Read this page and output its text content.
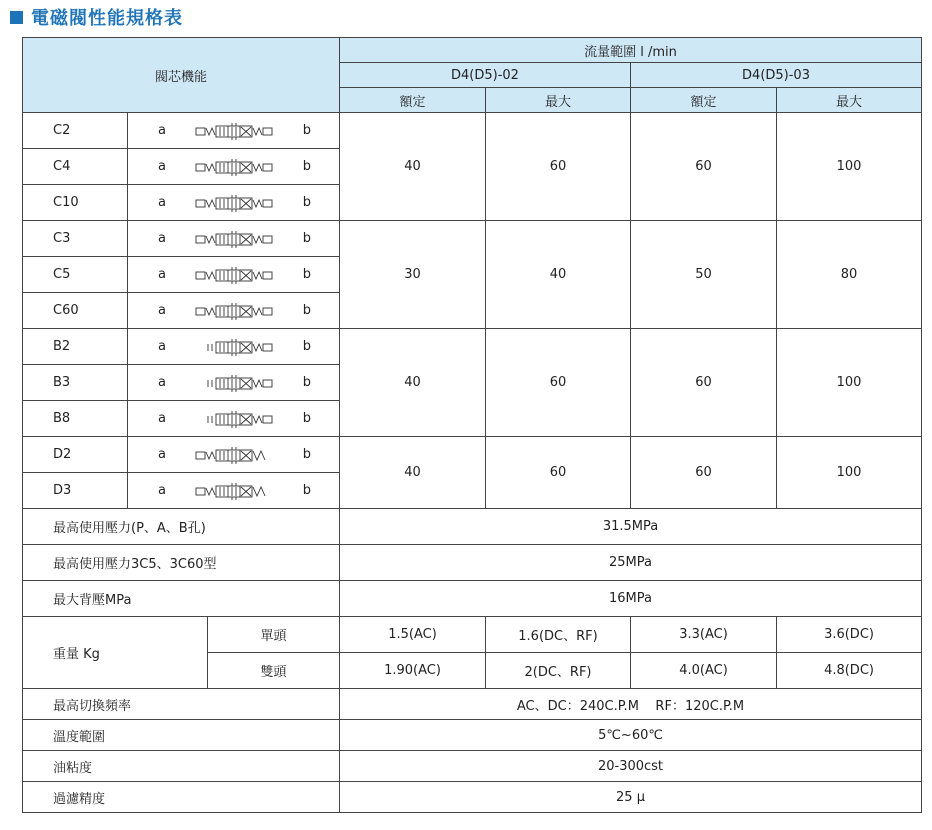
電磁閥性能規格表
閥芯機能			流量範圍 l /min			
			D4(D5)-02		D4(D5)-03	
			額定	最大	額定	最大
C2	a b		40	60	60	100
C4	a b					

C10	a b					

C3	a b		30	40	50	80
C5	a b					

C60	a b					

B2	a b		40	60	60	100
B3	a b					

B8	a b					

D2	a b		40	60	60	100
D3	a b					

最高使用壓力(P、A、B孔)			31.5MPa			
最高使用壓力3C5、3C60型			25MPa			
最大背壓MPa			16MPa			
重量 Kg		單頭	1.5(AC)	1.6(DC、RF)	3.3(AC)	3.6(DC)
		雙頭	1.90(AC)	2(DC、RF)	4.0(AC)	4.8(DC)
最高切換頻率			AC、DC：240C.P.M    RF：120C.P.M			
溫度範圍			5℃~60℃			
油粘度			20-300cst			
過濾精度			25 μ			
